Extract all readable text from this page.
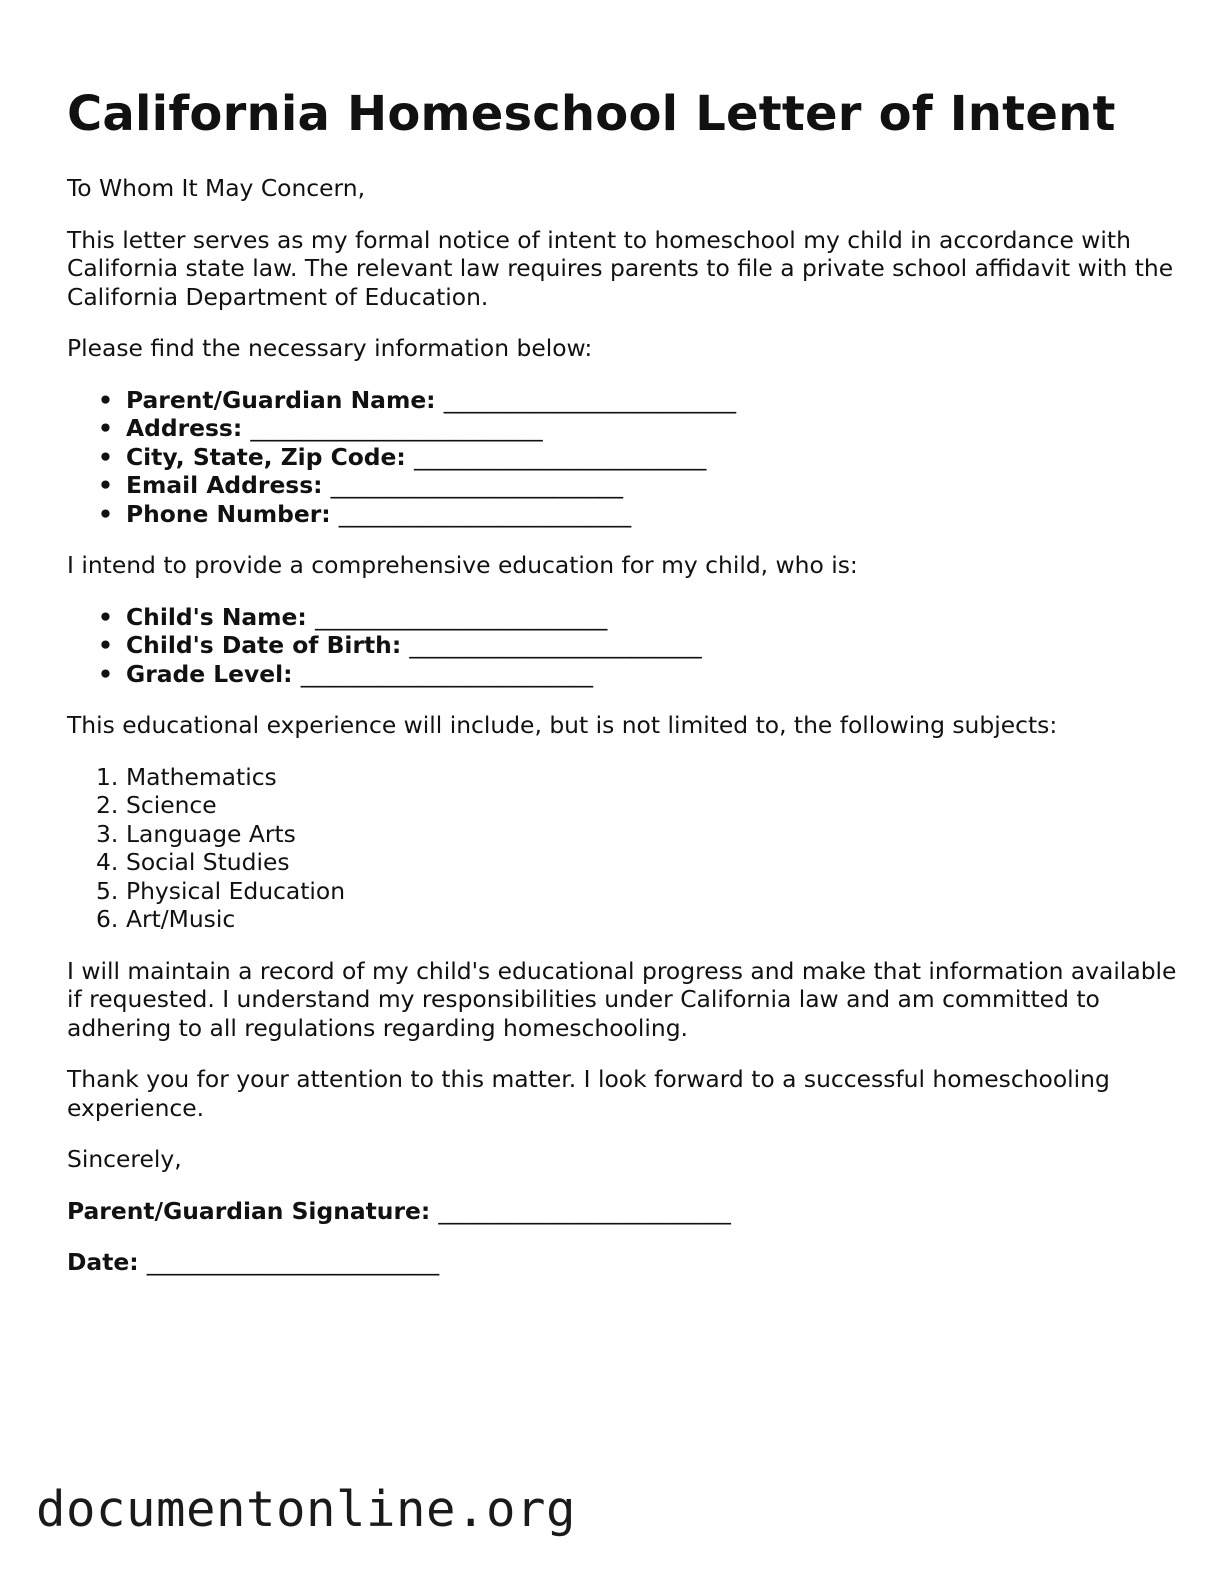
California Homeschool Letter of Intent

To Whom It May Concern,

This letter serves as my formal notice of intent to homeschool my child in accordance with California state law. The relevant law requires parents to file a private school affidavit with the California Department of Education.

Please find the necessary information below:

• Parent/Guardian Name: _________________________
• Address: _________________________
• City, State, Zip Code: _________________________
• Email Address: _________________________
• Phone Number: _________________________

I intend to provide a comprehensive education for my child, who is:

• Child's Name: _________________________
• Child's Date of Birth: _________________________
• Grade Level: _________________________

This educational experience will include, but is not limited to, the following subjects:

1. Mathematics
2. Science
3. Language Arts
4. Social Studies
5. Physical Education
6. Art/Music

I will maintain a record of my child's educational progress and make that information available if requested. I understand my responsibilities under California law and am committed to adhering to all regulations regarding homeschooling.

Thank you for your attention to this matter. I look forward to a successful homeschooling experience.

Sincerely,

Parent/Guardian Signature: _________________________
Date: _________________________
documentonline.org
